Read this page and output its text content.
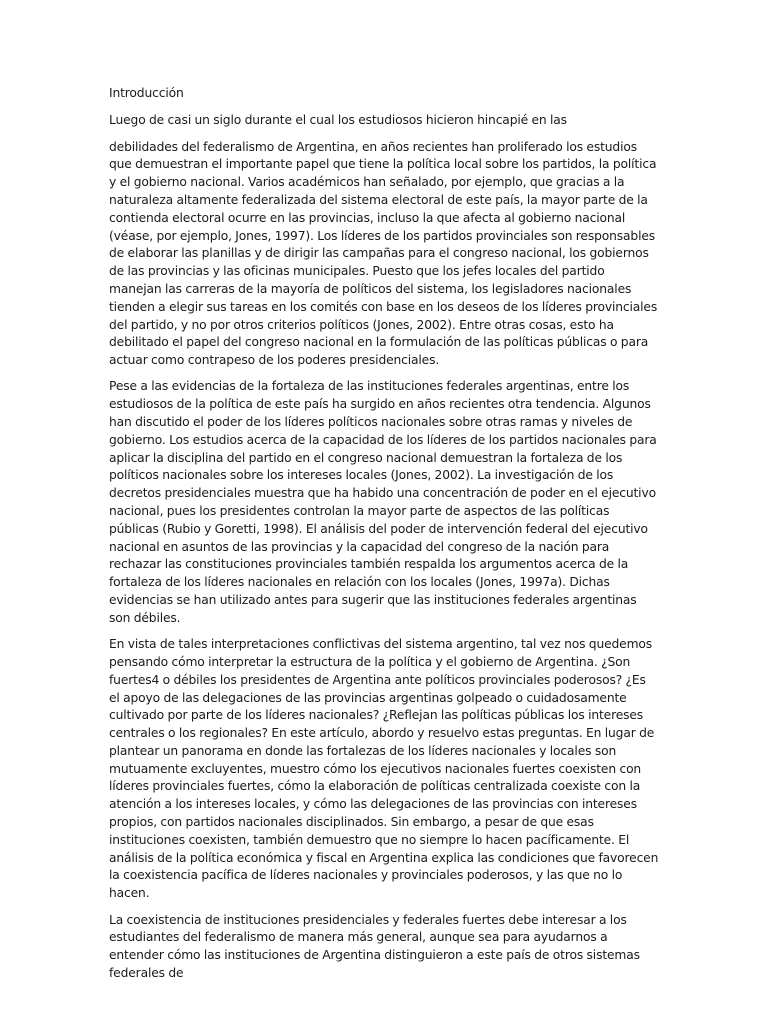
Introducción

Luego de casi un siglo durante el cual los estudiosos hicieron hincapié en las

debilidades del federalismo de Argentina, en años recientes han proliferado los estudios que demuestran el importante papel que tiene la política local sobre los partidos, la política y el gobierno nacional. Varios académicos han señalado, por ejemplo, que gracias a la naturaleza altamente federalizada del sistema electoral de este país, la mayor parte de la contienda electoral ocurre en las provincias, incluso la que afecta al gobierno nacional (véase, por ejemplo, Jones, 1997). Los líderes de los partidos provinciales son responsables de elaborar las planillas y de dirigir las campañas para el congreso nacional, los gobiernos de las provincias y las oficinas municipales. Puesto que los jefes locales del partido manejan las carreras de la mayoría de políticos del sistema, los legisladores nacionales tienden a elegir sus tareas en los comités con base en los deseos de los líderes provinciales del partido, y no por otros criterios políticos (Jones, 2002). Entre otras cosas, esto ha debilitado el papel del congreso nacional en la formulación de las políticas públicas o para actuar como contrapeso de los poderes presidenciales.

Pese a las evidencias de la fortaleza de las instituciones federales argentinas, entre los estudiosos de la política de este país ha surgido en años recientes otra tendencia. Algunos han discutido el poder de los líderes políticos nacionales sobre otras ramas y niveles de gobierno. Los estudios acerca de la capacidad de los líderes de los partidos nacionales para aplicar la disciplina del partido en el congreso nacional demuestran la fortaleza de los políticos nacionales sobre los intereses locales (Jones, 2002). La investigación de los decretos presidenciales muestra que ha habido una concentración de poder en el ejecutivo nacional, pues los presidentes controlan la mayor parte de aspectos de las políticas públicas (Rubio y Goretti, 1998). El análisis del poder de intervención federal del ejecutivo nacional en asuntos de las provincias y la capacidad del congreso de la nación para rechazar las constituciones provinciales también respalda los argumentos acerca de la fortaleza de los líderes nacionales en relación con los locales (Jones, 1997a). Dichas evidencias se han utilizado antes para sugerir que las instituciones federales argentinas son débiles.

En vista de tales interpretaciones conflictivas del sistema argentino, tal vez nos quedemos pensando cómo interpretar la estructura de la política y el gobierno de Argentina. ¿Son fuertes4 o débiles los presidentes de Argentina ante políticos provinciales poderosos? ¿Es el apoyo de las delegaciones de las provincias argentinas golpeado o cuidadosamente cultivado por parte de los líderes nacionales? ¿Reflejan las políticas públicas los intereses centrales o los regionales? En este artículo, abordo y resuelvo estas preguntas. En lugar de plantear un panorama en donde las fortalezas de los líderes nacionales y locales son mutuamente excluyentes, muestro cómo los ejecutivos nacionales fuertes coexisten con líderes provinciales fuertes, cómo la elaboración de políticas centralizada coexiste con la atención a los intereses locales, y cómo las delegaciones de las provincias con intereses propios, con partidos nacionales disciplinados. Sin embargo, a pesar de que esas instituciones coexisten, también demuestro que no siempre lo hacen pacíficamente. El análisis de la política económica y fiscal en Argentina explica las condiciones que favorecen la coexistencia pacífica de líderes nacionales y provinciales poderosos, y las que no lo hacen.

La coexistencia de instituciones presidenciales y federales fuertes debe interesar a los estudiantes del federalismo de manera más general, aunque sea para ayudarnos a entender cómo las instituciones de Argentina distinguieron a este país de otros sistemas federales de
